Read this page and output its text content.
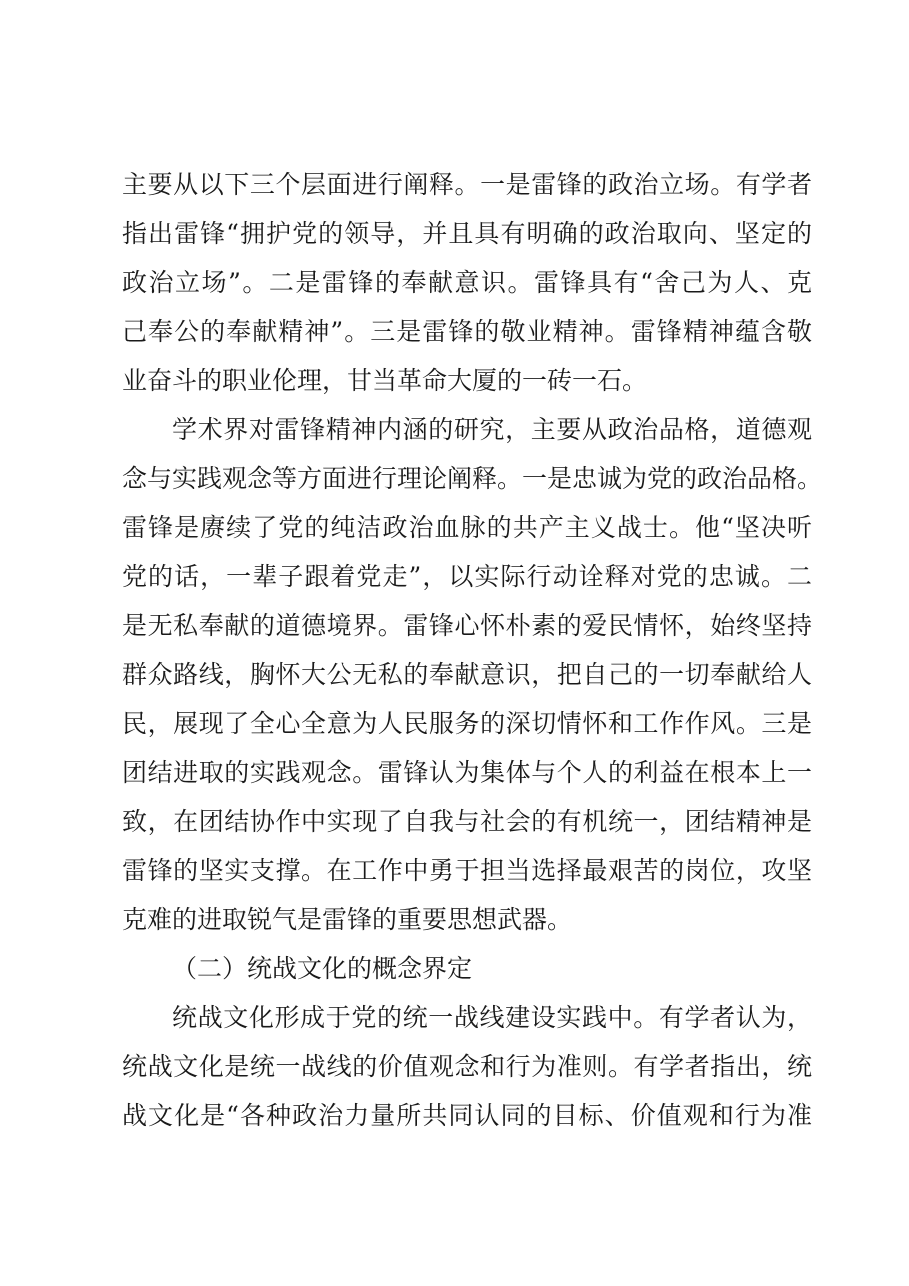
主要从以下三个层面进行阐释。一是雷锋的政治立场。有学者
指出雷锋“拥护党的领导，并且具有明确的政治取向、坚定的
政治立场”。二是雷锋的奉献意识。雷锋具有“舍己为人、克
己奉公的奉献精神”。三是雷锋的敬业精神。雷锋精神蕴含敬
业奋斗的职业伦理，甘当革命大厦的一砖一石。
学术界对雷锋精神内涵的研究，主要从政治品格，道德观
念与实践观念等方面进行理论阐释。一是忠诚为党的政治品格。
雷锋是赓续了党的纯洁政治血脉的共产主义战士。他“坚决听
党的话，一辈子跟着党走”，以实际行动诠释对党的忠诚。二
是无私奉献的道德境界。雷锋心怀朴素的爱民情怀，始终坚持
群众路线，胸怀大公无私的奉献意识，把自己的一切奉献给人
民，展现了全心全意为人民服务的深切情怀和工作作风。三是
团结进取的实践观念。雷锋认为集体与个人的利益在根本上一
致，在团结协作中实现了自我与社会的有机统一，团结精神是
雷锋的坚实支撑。在工作中勇于担当选择最艰苦的岗位，攻坚
克难的进取锐气是雷锋的重要思想武器。
（二）统战文化的概念界定
统战文化形成于党的统一战线建设实践中。有学者认为，
统战文化是统一战线的价值观念和行为准则。有学者指出，统
战文化是“各种政治力量所共同认同的目标、价值观和行为准
